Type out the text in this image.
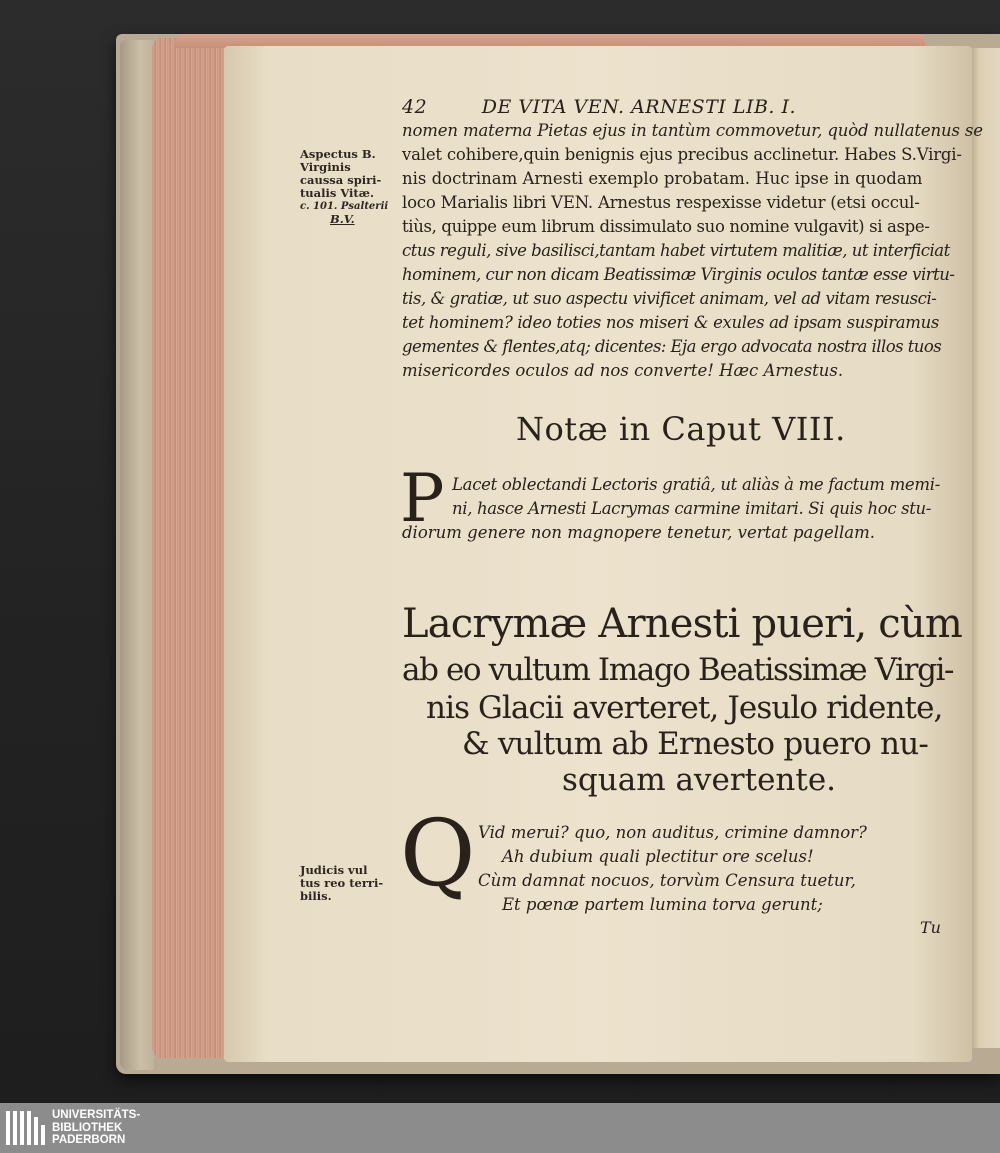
42	DE VITA VEN. ARNESTI LIB. I.
Aspectus B.
Virginis
caussa spiri-
tualis Vitæ.
c. 101. Psalterii
B.V.
Judicis vul
tus reo terri-
bilis.
nomen materna Pietas ejus in tantùm commovetur, quòd nullatenus se
valet cohibere,quin benignis ejus precibus acclinetur. Habes S.Virgi-
nis doctrinam Arnesti exemplo probatam. Huc ipse in quodam
loco Marialis libri VEN. Arnestus respexisse videtur (etsi occul-
tiùs, quippe eum librum dissimulato suo nomine vulgavit) si aspe-
ctus reguli, sive basilisci,tantam habet virtutem malitiæ, ut interficiat
hominem, cur non dicam Beatissimæ Virginis oculos tantæ esse virtu-
tis, & gratiæ, ut suo aspectu vivificet animam, vel ad vitam resusci-
tet hominem? ideo toties nos miseri & exules ad ipsam suspiramus
gementes & flentes,atq; dicentes: Eja ergo advocata nostra illos tuos
misericordes oculos ad nos converte! Hæc Arnestus.
Notæ in Caput VIII.
P Lacet oblectandi Lectoris gratiâ, ut aliàs à me factum memi-
ni, hasce Arnesti Lacrymas carmine imitari. Si quis hoc stu-
diorum genere non magnopere tenetur, vertat pagellam.
Lacrymæ Arnesti pueri, cùm
ab eo vultum Imago Beatissimæ Virgi-
nis Glacii averteret, Jesulo ridente,
& vultum ab Ernesto puero nu-
squam avertente.
Q Vid merui? quo, non auditus, crimine damnor?
Ah dubium quali plectitur ore scelus!
Cùm damnat nocuos, torvùm Censura tuetur,
Et pœnæ partem lumina torva gerunt;
Tu
UNIVERSITÄTS-
BIBLIOTHEK
PADERBORN
